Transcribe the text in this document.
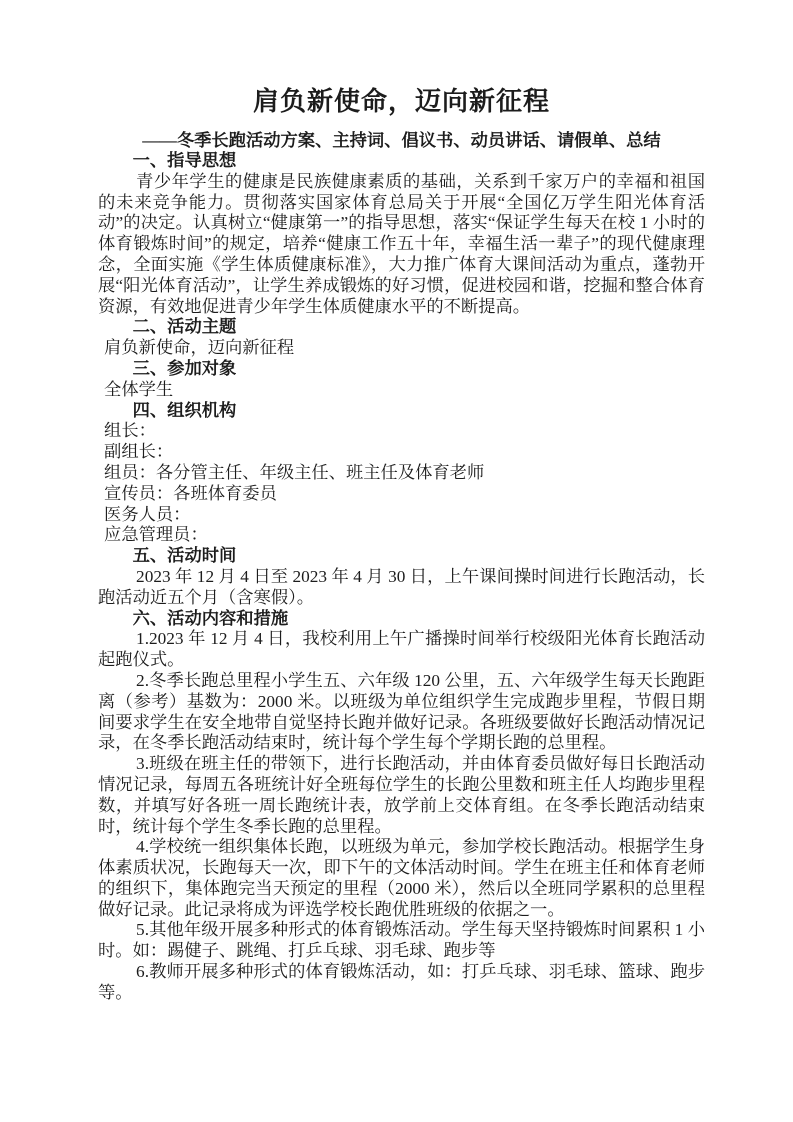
肩负新使命，迈向新征程

——冬季长跑活动方案、主持词、倡议书、动员讲话、请假单、总结

一、指导思想

青少年学生的健康是民族健康素质的基础，关系到千家万户的幸福和祖国的未来竞争能力。贯彻落实国家体育总局关于开展“全国亿万学生阳光体育活动”的决定。认真树立“健康第一”的指导思想，落实“保证学生每天在校 1 小时的体育锻炼时间”的规定，培养“健康工作五十年，幸福生活一辈子”的现代健康理念，全面实施《学生体质健康标准》，大力推广体育大课间活动为重点，蓬勃开展“阳光体育活动”，让学生养成锻炼的好习惯，促进校园和谐，挖掘和整合体育资源，有效地促进青少年学生体质健康水平的不断提高。

二、活动主题

肩负新使命，迈向新征程

三、参加对象

全体学生

四、组织机构

组长：

副组长：

组员：各分管主任、年级主任、班主任及体育老师

宣传员：各班体育委员

医务人员：

应急管理员：

五、活动时间

2023 年 12 月 4 日至 2023 年 4 月 30 日，上午课间操时间进行长跑活动，长跑活动近五个月（含寒假）。

六、活动内容和措施

1.2023 年 12 月 4 日，我校利用上午广播操时间举行校级阳光体育长跑活动起跑仪式。

2.冬季长跑总里程小学生五、六年级 120 公里，五、六年级学生每天长跑距离（参考）基数为：2000 米。以班级为单位组织学生完成跑步里程，节假日期间要求学生在安全地带自觉坚持长跑并做好记录。各班级要做好长跑活动情况记录，在冬季长跑活动结束时，统计每个学生每个学期长跑的总里程。

3.班级在班主任的带领下，进行长跑活动，并由体育委员做好每日长跑活动情况记录，每周五各班统计好全班每位学生的长跑公里数和班主任人均跑步里程数，并填写好各班一周长跑统计表，放学前上交体育组。在冬季长跑活动结束时，统计每个学生冬季长跑的总里程。

4.学校统一组织集体长跑，以班级为单元，参加学校长跑活动。根据学生身体素质状况，长跑每天一次，即下午的文体活动时间。学生在班主任和体育老师的组织下，集体跑完当天预定的里程（2000 米），然后以全班同学累积的总里程做好记录。此记录将成为评选学校长跑优胜班级的依据之一。

5.其他年级开展多种形式的体育锻炼活动。学生每天坚持锻炼时间累积 1 小时。如：踢健子、跳绳、打乒乓球、羽毛球、跑步等

6.教师开展多种形式的体育锻炼活动，如：打乒乓球、羽毛球、篮球、跑步等。
